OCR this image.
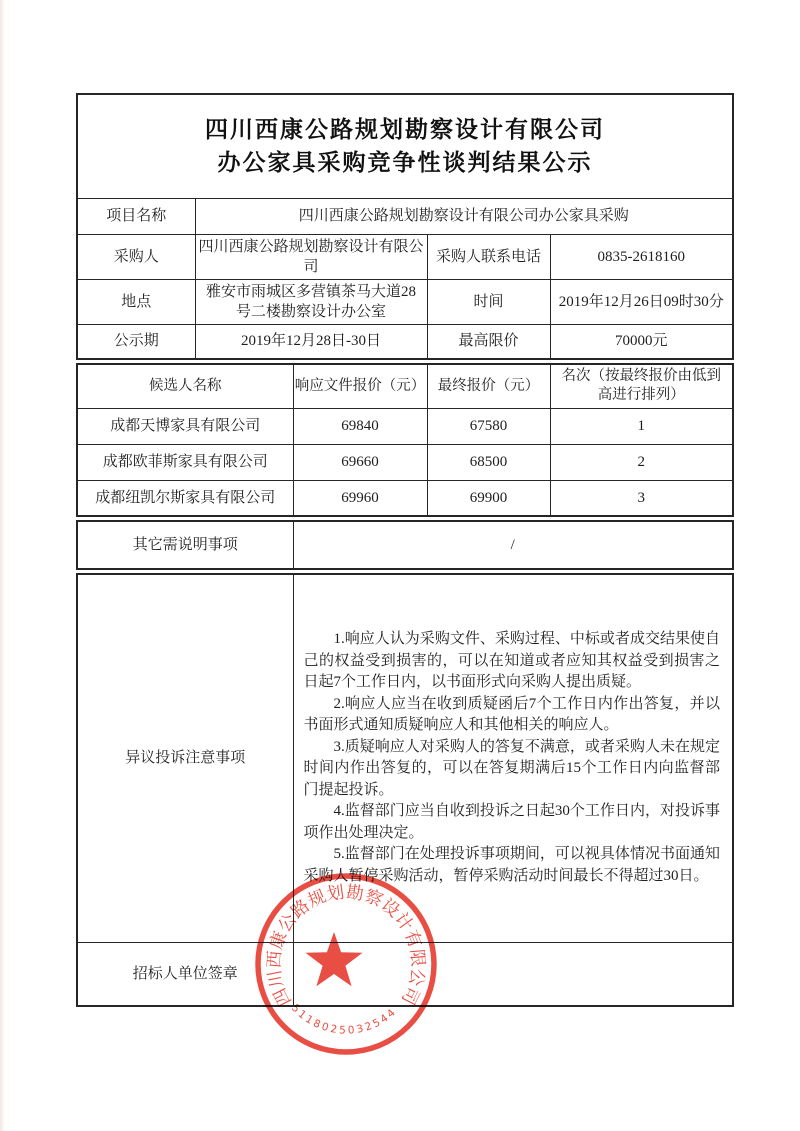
四川西康公路规划勘察设计有限公司
办公家具采购竞争性谈判结果公示			

项目名称	四川西康公路规划勘察设计有限公司办公家具采购		
采购人	四川西康公路规划勘察设计有限公司	采购人联系电话	0835-2618160
地点	雅安市雨城区多营镇茶马大道28号二楼勘察设计办公室	时间	2019年12月26日09时30分
公示期	2019年12月28日-30日	最高限价	70000元
候选人名称	响应文件报价（元）	最终报价（元）	名次（按最终报价由低到高进行排列）
成都天博家具有限公司	69840	67580	1
成都欧菲斯家具有限公司	69660	68500	2
成都纽凯尔斯家具有限公司	69960	69900	3
其它需说明事项	/
异议投诉注意事项	1.响应人认为采购文件、采购过程、中标或者成交结果使自己的权益受到损害的，可以在知道或者应知其权益受到损害之日起7个工作日内，以书面形式向采购人提出质疑。

2.响应人应当在收到质疑函后7个工作日内作出答复，并以书面形式通知质疑响应人和其他相关的响应人。

3.质疑响应人对采购人的答复不满意，或者采购人未在规定时间内作出答复的，可以在答复期满后15个工作日内向监督部门提起投诉。

4.监督部门应当自收到投诉之日起30个工作日内，对投诉事项作出处理决定。

5.监督部门在处理投诉事项期间，可以视具体情况书面通知采购人暂停采购活动，暂停采购活动时间最长不得超过30日。

招标人单位签章	
四川西康公路规划勘察设计有限公司
5118025032544
